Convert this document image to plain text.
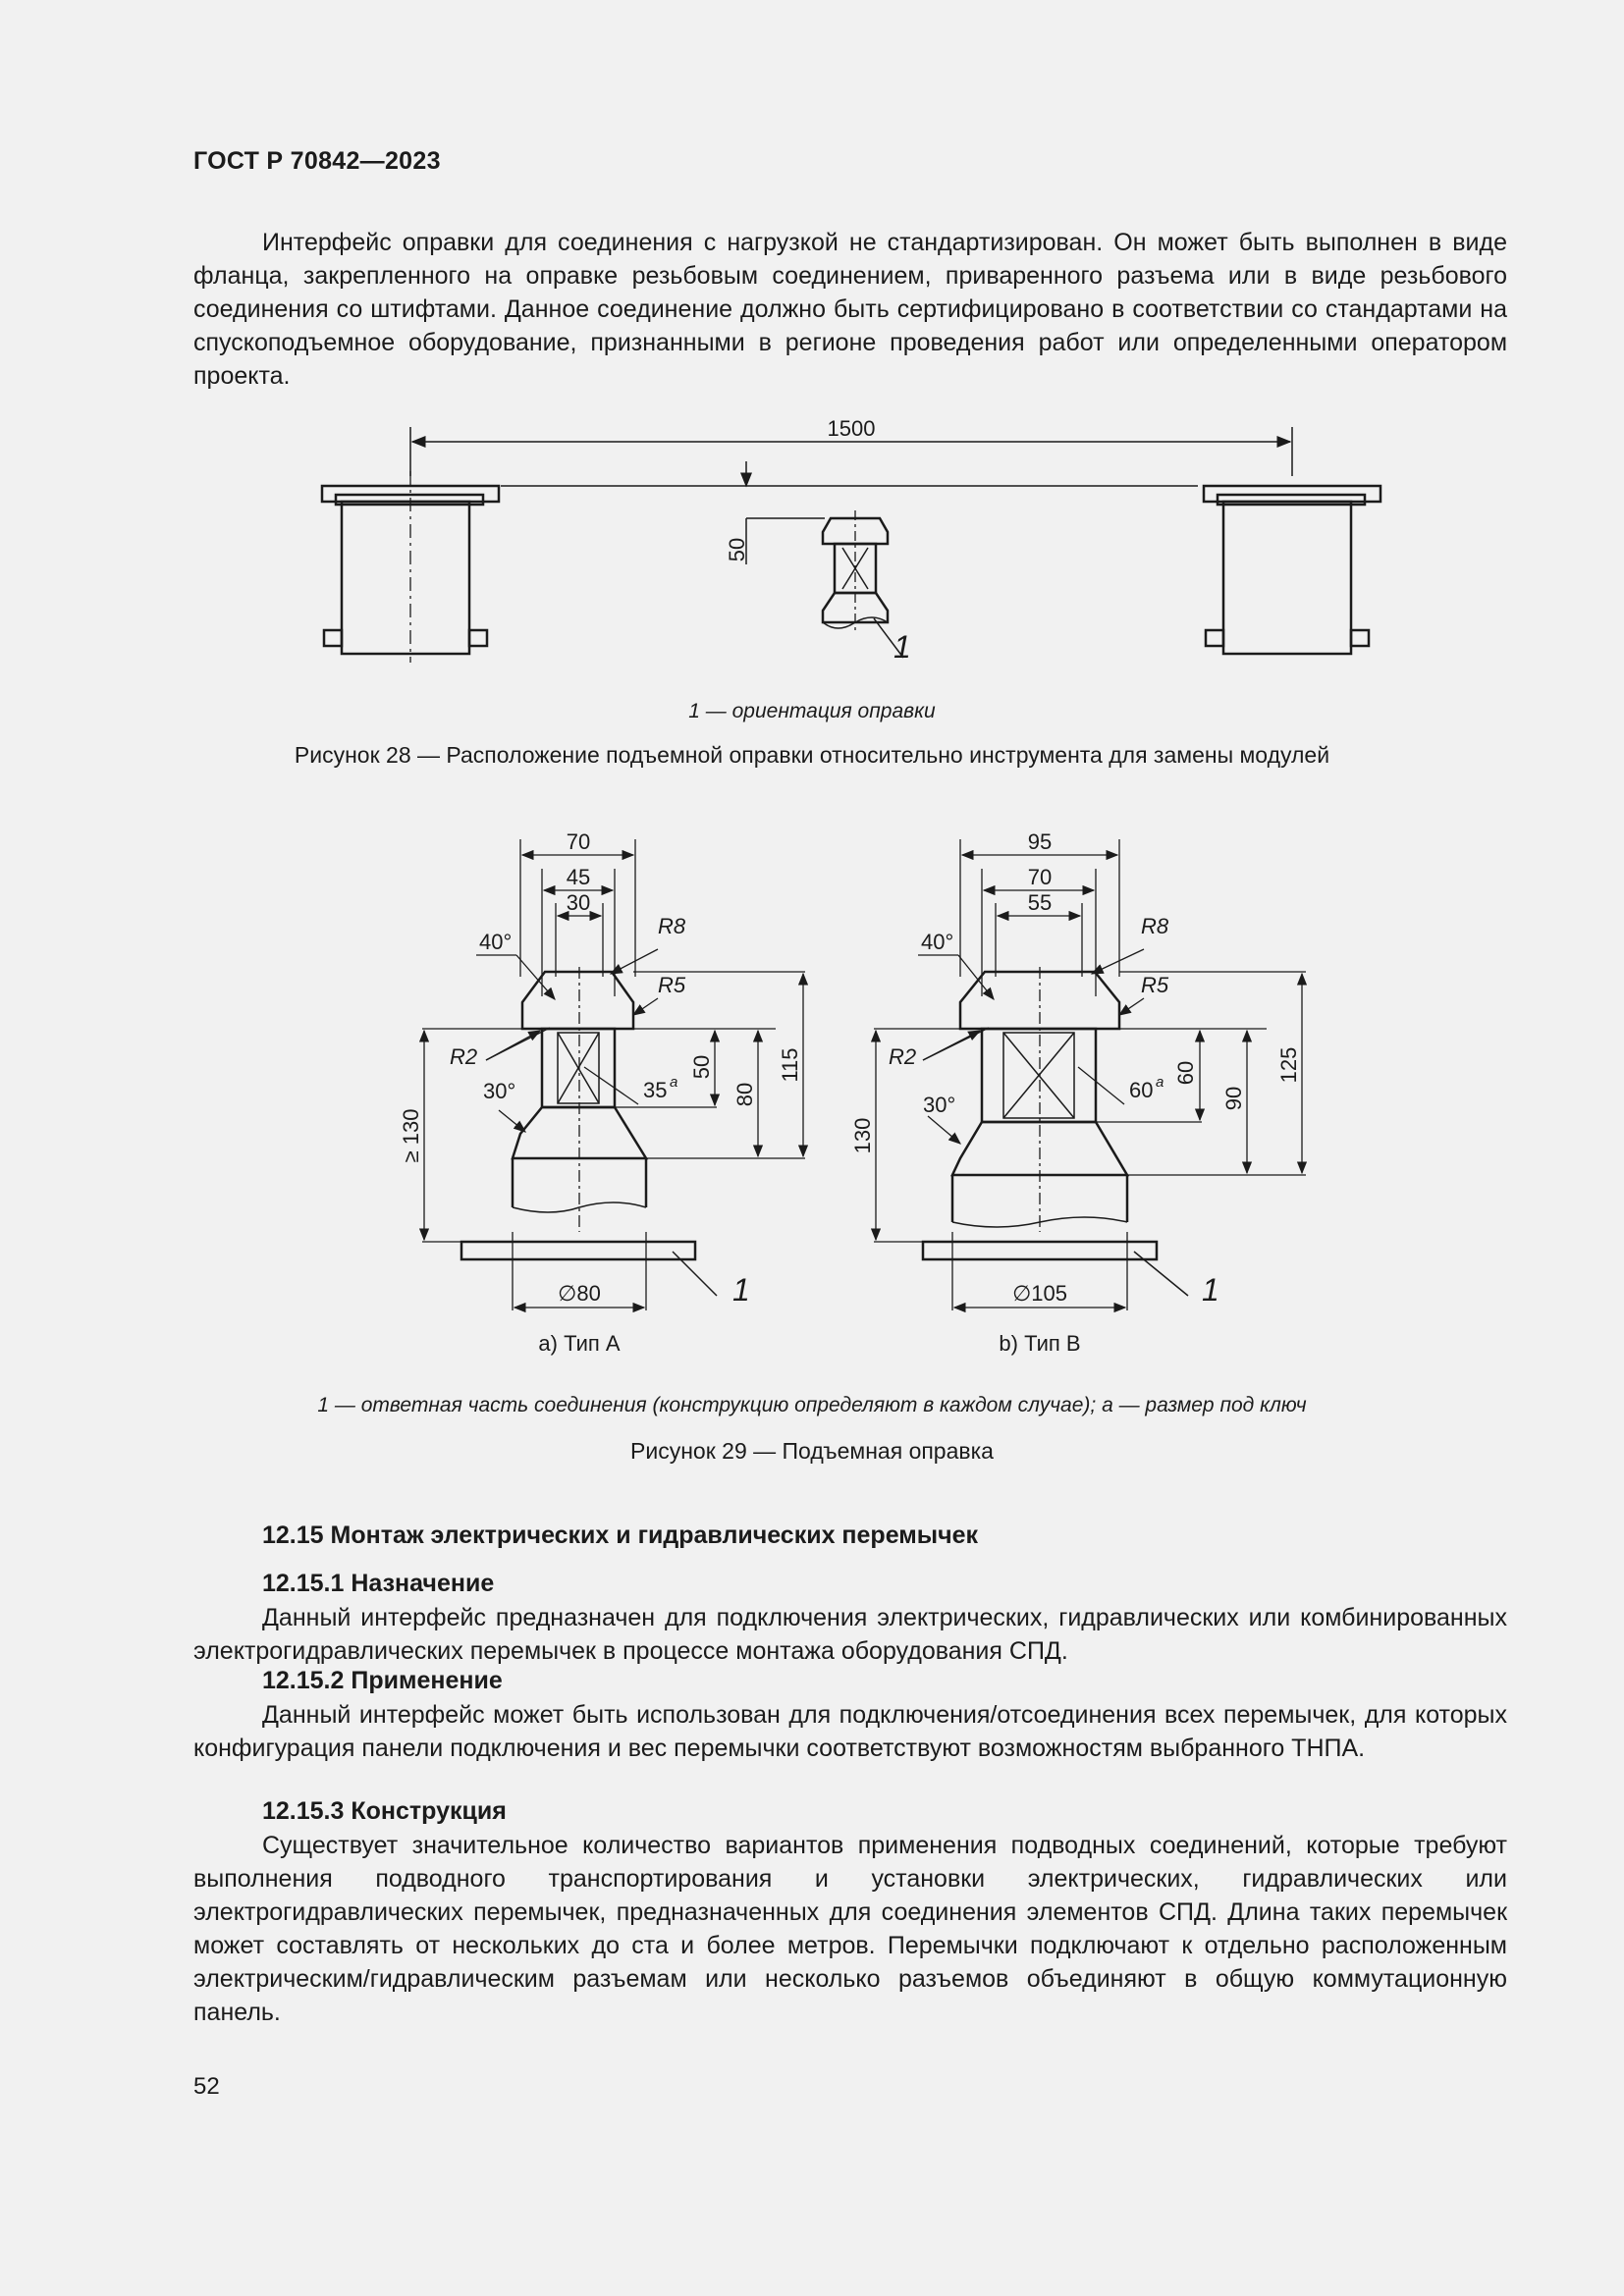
ГОСТ Р 70842—2023
Интерфейс оправки для соединения с нагрузкой не стандартизирован. Он может быть выполнен в виде фланца, закрепленного на оправке резьбовым соединением, приваренного разъема или в виде резьбового соединения со штифтами. Данное соединение должно быть сертифицировано в соответствии со стандартами на спускоподъемное оборудование, признанными в регионе проведения работ или определенными оператором проекта.
1500
50
1
1 — ориентация оправки
Рисунок 28 — Расположение подъемной оправки относительно инструмента для замены модулей
70
45
30
40°
R8
R5
R2
35 a
50
80
115
30°
≥ 130
∅80	1
a) Тип А
95
70
55
40°
R8
R5
R2
60 a 60
90
125
30°
130
∅105	1
b) Тип В
1 — ответная часть соединения (конструкцию определяют в каждом случае); a — размер под ключ
Рисунок 29 — Подъемная оправка
12.15 Монтаж электрических и гидравлических перемычек
12.15.1 Назначение
Данный интерфейс предназначен для подключения электрических, гидравлических или комбинированных электрогидравлических перемычек в процессе монтажа оборудования СПД.
12.15.2 Применение
Данный интерфейс может быть использован для подключения/отсоединения всех перемычек, для которых конфигурация панели подключения и вес перемычки соответствуют возможностям выбранного ТНПА.
12.15.3 Конструкция
Существует значительное количество вариантов применения подводных соединений, которые требуют выполнения подводного транспортирования и установки электрических, гидравлических или электрогидравлических перемычек, предназначенных для соединения элементов СПД. Длина таких перемычек может составлять от нескольких до ста и более метров. Перемычки подключают к отдельно расположенным электрическим/гидравлическим разъемам или несколько разъемов объединяют в общую коммутационную панель.
52
